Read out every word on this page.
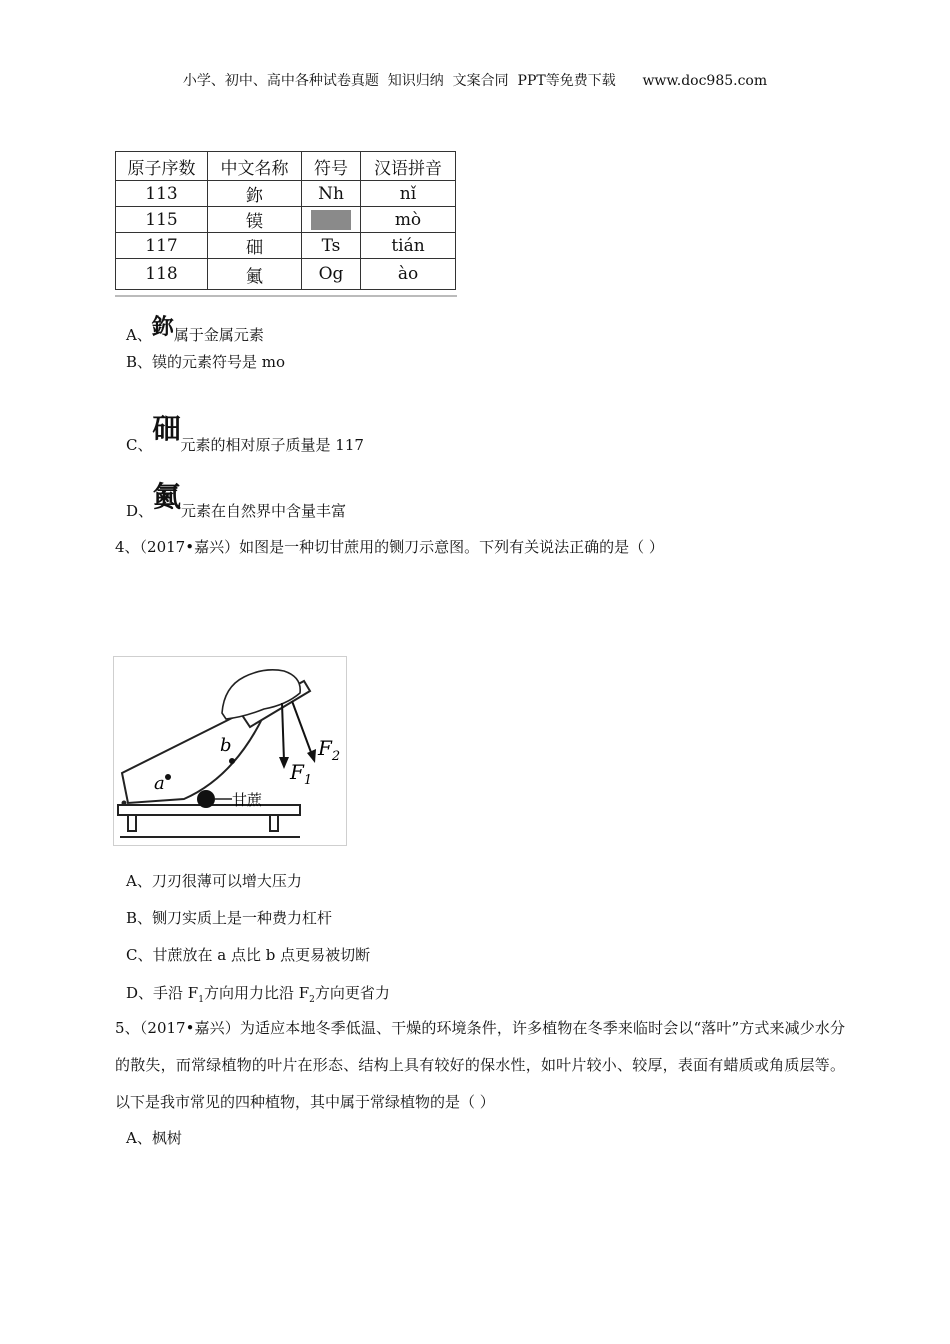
小学、初中、高中各种试卷真题  知识归纳  文案合同  PPT等免费下载 www.doc985.com
原子序数	中文名称	符号	汉语拼音
113	鉨	Nh	nǐ
115	镆		mò
117	鿬	Ts	tián
118	鿫	Og	ào
A、鉨属于金属元素
B、镆的元素符号是 mo
C、鿬元素的相对原子质量是 117
D、鿫元素在自然界中含量丰富
4、（2017•嘉兴）如图是一种切甘蔗用的铡刀示意图。下列有关说法正确的是（ ）
a
b
甘蔗
$F_1$
$F_2$
A、刀刃很薄可以增大压力
B、铡刀实质上是一种费力杠杆
C、甘蔗放在 a 点比 b 点更易被切断
D、手沿 $F_1$方向用力比沿 $F_2$方向更省力
5、（2017•嘉兴）为适应本地冬季低温、干燥的环境条件，许多植物在冬季来临时会以“落叶”方式来减少水分的散失，而常绿植物的叶片在形态、结构上具有较好的保水性，如叶片较小、较厚，表面有蜡质或角质层等。以下是我市常见的四种植物，其中属于常绿植物的是（ ）
A、枫树
